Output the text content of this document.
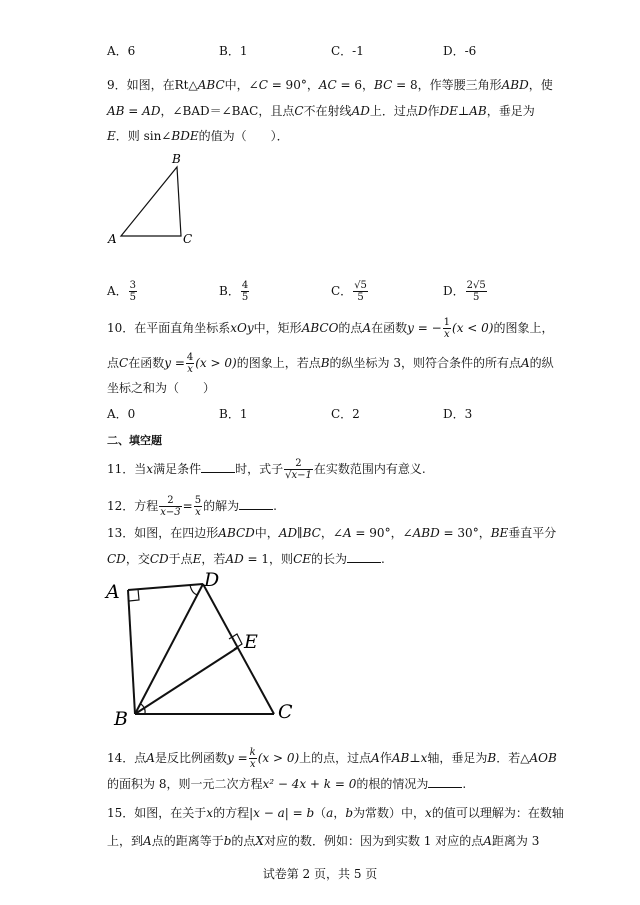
A．6	B．1	C．-1	D．-6
9．如图，在Rt△ABC中，∠C = 90°，AC = 6，BC = 8，作等腰三角形ABD，使
AB = AD，∠BAD＝∠BAC，且点C不在射线AD上．过点D作DE⊥AB，垂足为
E．则 sin∠BDE的值为（　　）．
B
A	C
A． $\frac{3}{5}$	B． $\frac{4}{5}$	C． $\frac{√5}{5}$	D． $\frac{2√5}{5}$
10．在平面直角坐标系xOy中，矩形ABCO的点A在函数y = − $\frac{1}{x} (x < 0)$的图象上，
点C在函数$y = \frac{4}{x} (x > 0)$的图象上，若点B的纵坐标为 3，则符合条件的所有点A的纵
坐标之和为（　　）
A．0	B．1	C．2	D．3
二、填空题
11．当x满足条件	时，式子 $\frac{2}{√x-1}$ 在实数范围内有意义.
12．方程 $\frac{2}{x-3} = \frac{5}{x}$ 的解为	.
13．如图，在四边形ABCD中，AD∥BC，∠A = 90°，∠ABD = 30°，BE垂直平分
CD，交CD于点E，若AD = 1，则CE的长为	.
A
D
E
B	C
14．点A是反比例函数$y = \frac{k}{x} (x > 0)$上的点，过点A作AB⊥x轴，垂足为B．若△AOB
的面积为 8，则一元二次方程x² − 4x + k = 0的根的情况为	.
15．如图，在关于x的方程|x − a| = b（a，b为常数）中，x的值可以理解为：在数轴
上，到A点的距离等于b的点X对应的数．例如：因为到实数 1 对应的点A距离为 3
试卷第 2 页，共 5 页
